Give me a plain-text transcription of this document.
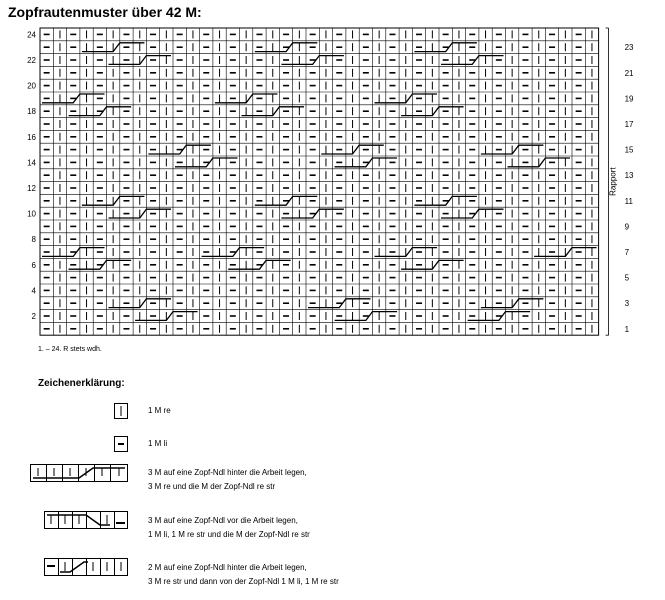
Zopfrautenmuster über 42 M:
2
4
6
8
10
12
14
16
18
20
22
24
1
3
5
7
9
11
13
15
17
19
21
23
Rapport
1. – 24. R stets wdh.
Zeichenerklärung:
1 M re
1 M li
3 M auf eine Zopf-Ndl hinter die Arbeit legen,
3 M re und die M der Zopf-Ndl re str
3 M auf eine Zopf-Ndl vor die Arbeit legen,
1 M li, 1 M re str und die M der Zopf-Ndl re str
2 M auf eine Zopf-Ndl hinter die Arbeit legen,
3 M re str und dann von der Zopf-Ndl 1 M li, 1 M re str
